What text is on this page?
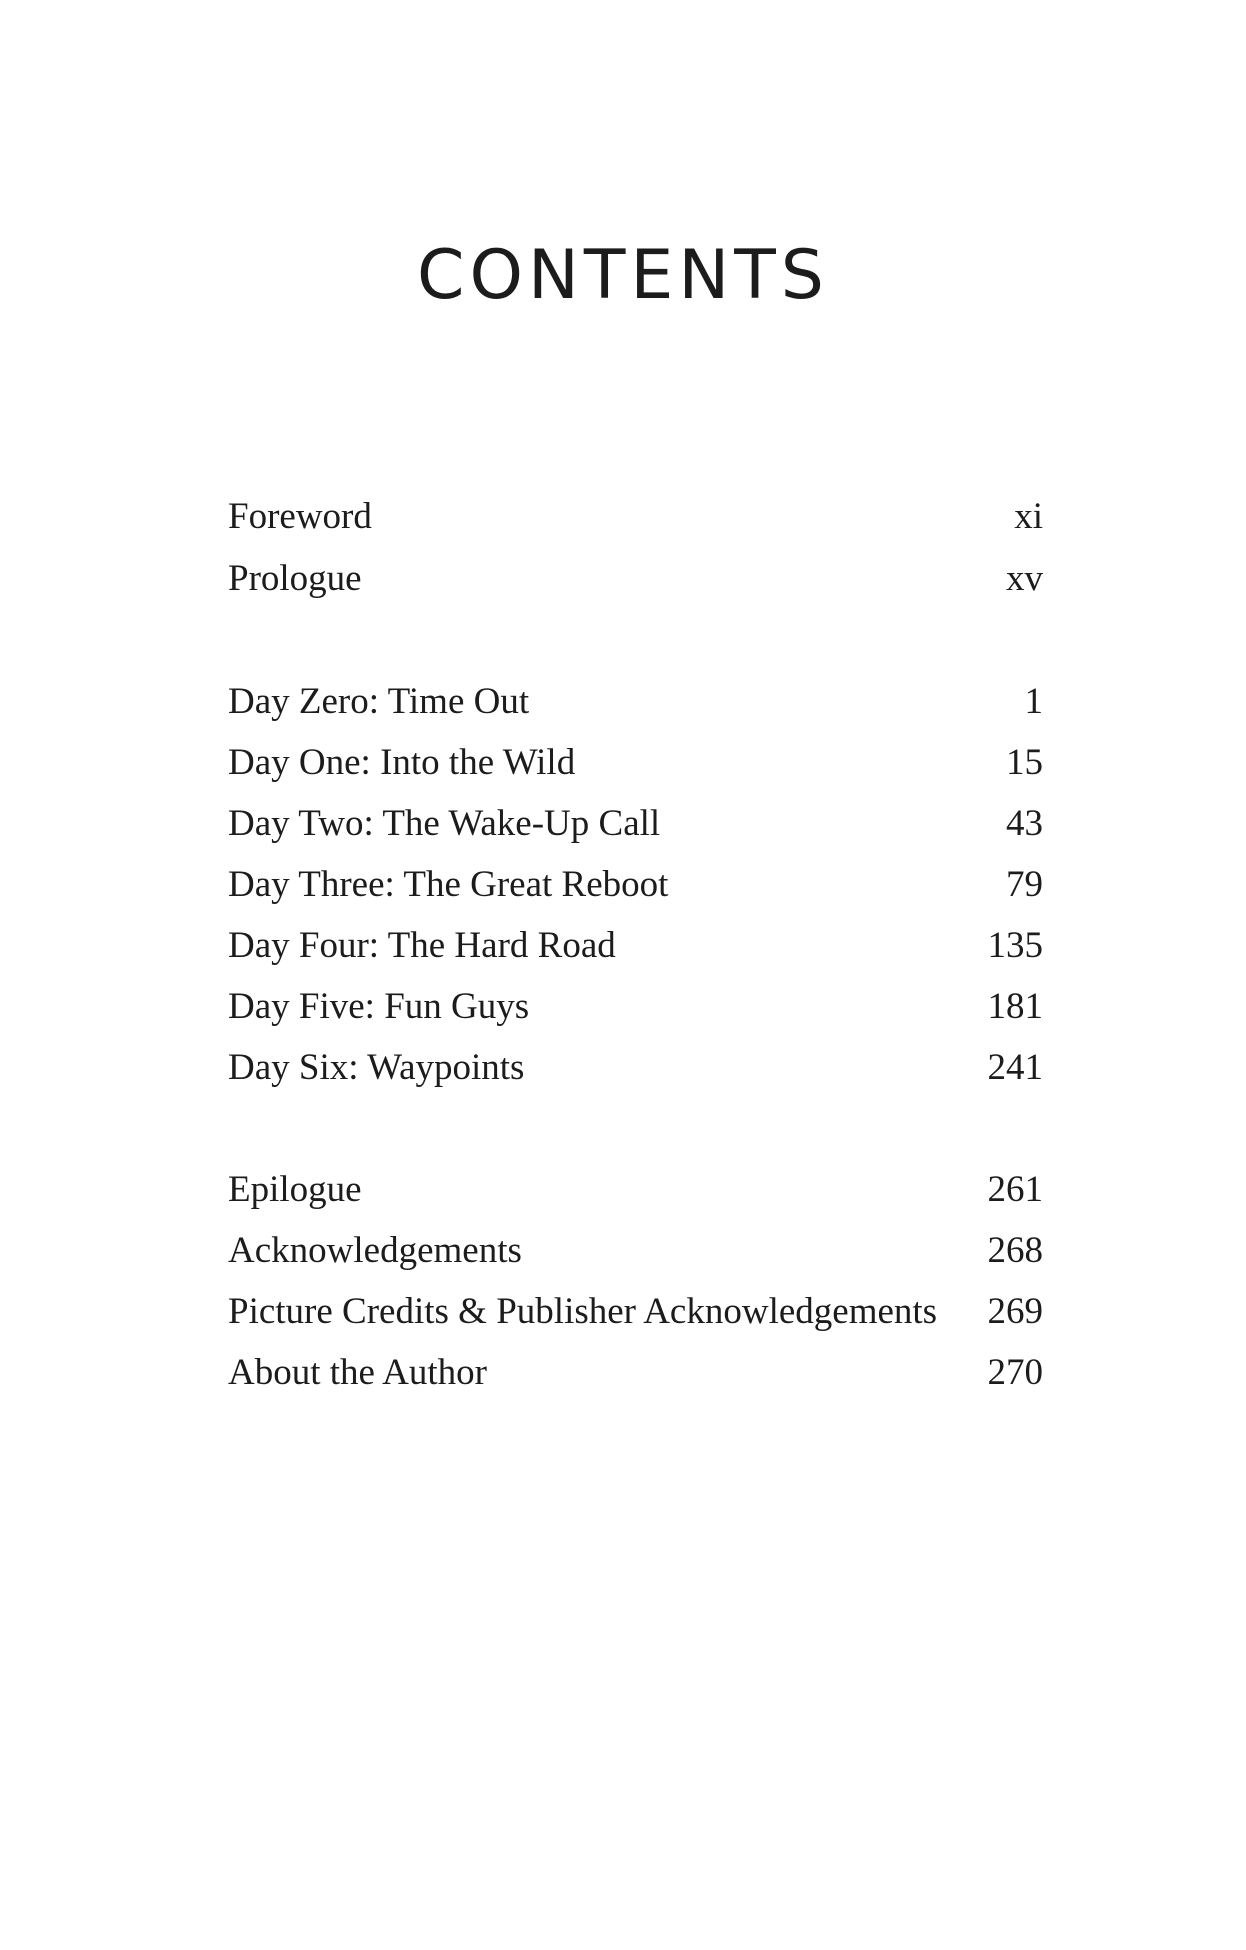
CONTENTS
Foreword	xi
Prologue	xv
Day Zero: Time Out	1
Day One: Into the Wild	15
Day Two: The Wake-Up Call	43
Day Three: The Great Reboot	79
Day Four: The Hard Road	135
Day Five: Fun Guys	181
Day Six: Waypoints	241
Epilogue	261
Acknowledgements	268
Picture Credits & Publisher Acknowledgements 269
About the Author	270
